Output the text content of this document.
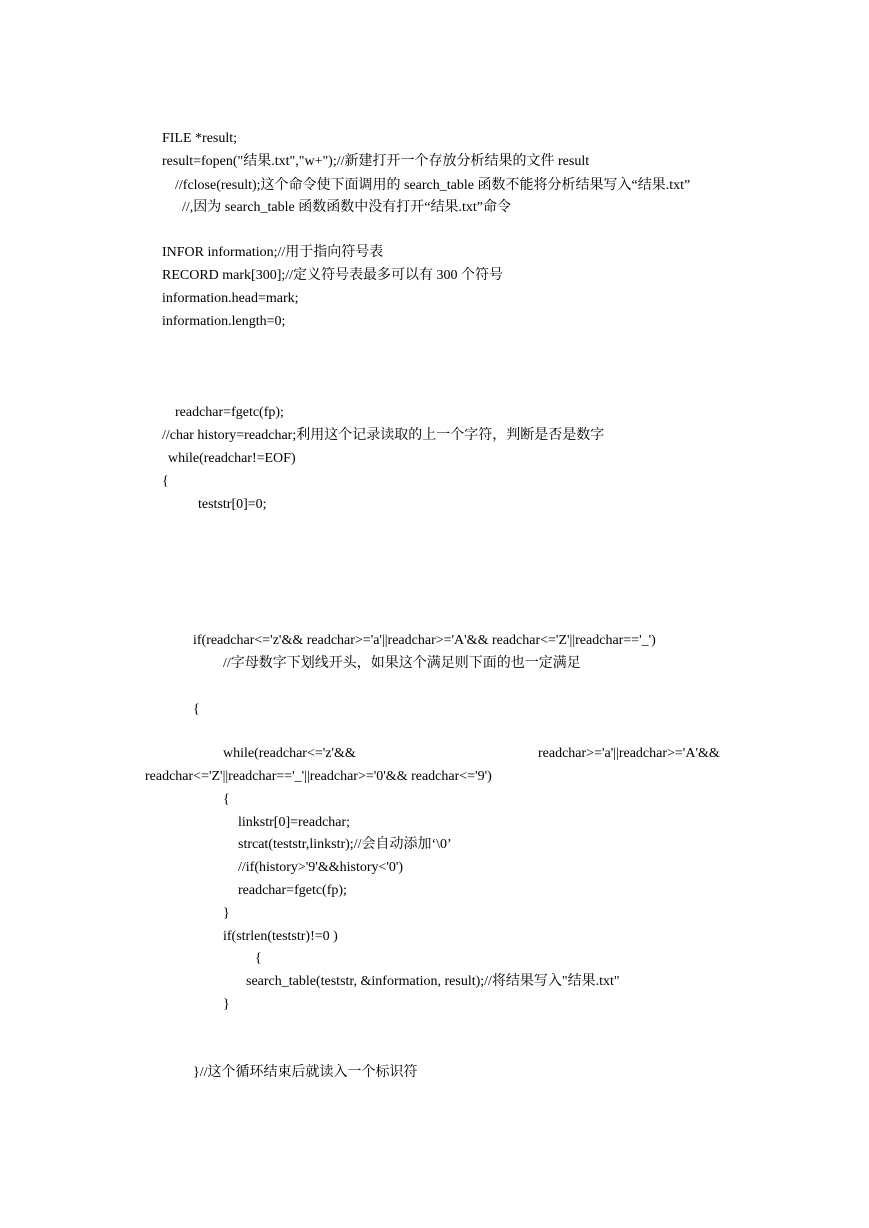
FILE *result;
result=fopen("结果.txt","w+");//新建打开一个存放分析结果的文件 result
//fclose(result);这个命令使下面调用的 search_table 函数不能将分析结果写入“结果.txt”
//,因为 search_table 函数函数中没有打开“结果.txt”命令
INFOR information;//用于指向符号表
RECORD mark[300];//定义符号表最多可以有 300 个符号
information.head=mark;
information.length=0;
readchar=fgetc(fp);
//char history=readchar;利用这个记录读取的上一个字符，判断是否是数字
while(readchar!=EOF)
{
teststr[0]=0;
if(readchar<='z'&& readchar>='a'||readchar>='A'&& readchar<='Z'||readchar=='_')
//字母数字下划线开头，如果这个满足则下面的也一定满足
{
while(readchar<='z'&&	readchar>='a'||readchar>='A'&&
readchar<='Z'||readchar=='_'||readchar>='0'&& readchar<='9')
{
linkstr[0]=readchar;
strcat(teststr,linkstr);//会自动添加‘\0’
//if(history>'9'&&history<'0')
readchar=fgetc(fp);
}
if(strlen(teststr)!=0 )
{
search_table(teststr, &information, result);//将结果写入"结果.txt"
}
}//这个循环结束后就读入一个标识符
